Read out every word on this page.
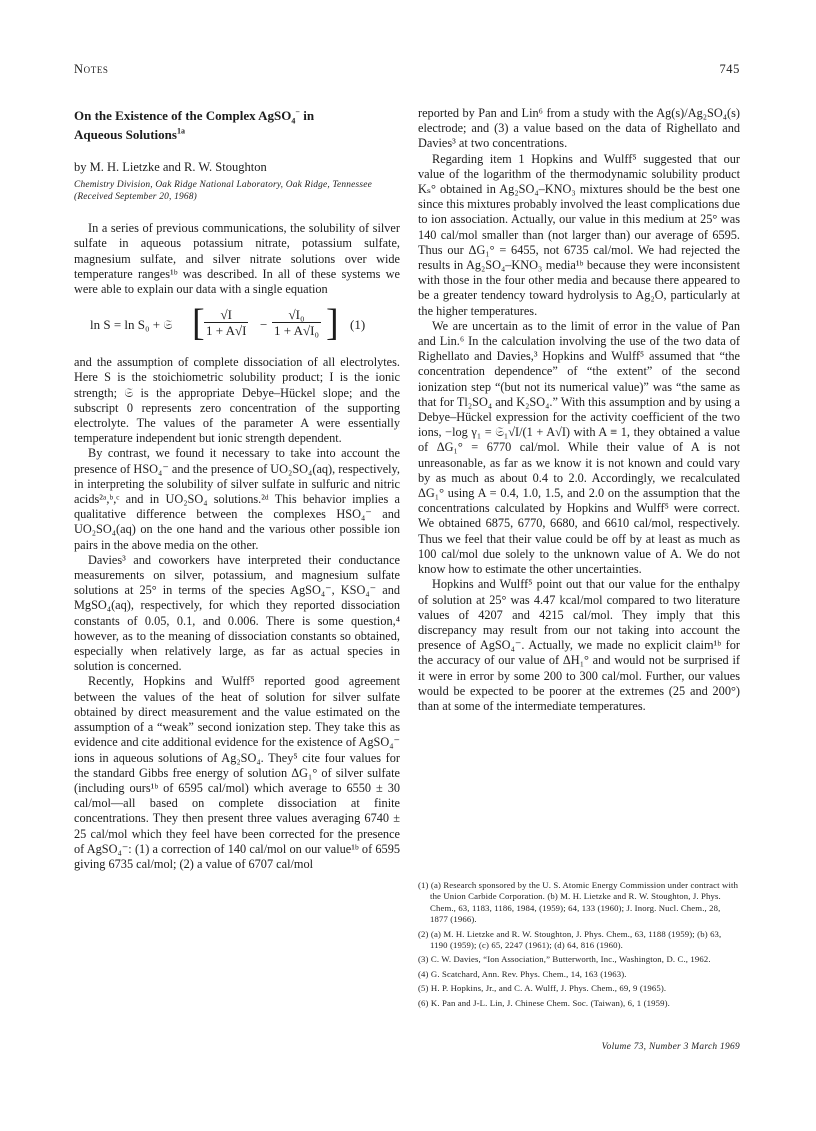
Notes	745
On the Existence of the Complex AgSO$_4$− in
Aqueous Solutions$^{1a}$
by M. H. Lietzke and R. W. Stoughton
Chemistry Division, Oak Ridge National Laboratory, Oak Ridge, Tennessee (Received September 20, 1968)

In a series of previous communications, the solubility of silver sulfate in aqueous potassium nitrate, potassium sulfate, magnesium sulfate, and silver nitrate solutions over wide temperature ranges¹ᵇ was described. In all of these systems we were able to explain our data with a single equation

ln S = ln S₀ + 𝔖 [ $\frac{√I}{1 + A√I} - \frac{\text{√I₀}}{\text{1 + A√I₀}}$ ] (1)

and the assumption of complete dissociation of all electrolytes. Here S is the stoichiometric solubility product; I is the ionic strength; 𝔖 is the appropriate Debye–Hückel slope; and the subscript 0 represents zero concentration of the supporting electrolyte. The values of the parameter A were essentially temperature independent but ionic strength dependent.

By contrast, we found it necessary to take into account the presence of HSO₄⁻ and the presence of UO₂SO₄(aq), respectively, in interpreting the solubility of silver sulfate in sulfuric and nitric acids²ᵃ,ᵇ,ᶜ and in UO₂SO₄ solutions.²ᵈ This behavior implies a qualitative difference between the complexes HSO₄⁻ and UO₂SO₄(aq) on the one hand and the various other possible ion pairs in the above media on the other.

Davies³ and coworkers have interpreted their conductance measurements on silver, potassium, and magnesium sulfate solutions at 25° in terms of the species AgSO₄⁻, KSO₄⁻ and MgSO₄(aq), respectively, for which they reported dissociation constants of 0.05, 0.1, and 0.006. There is some question,⁴ however, as to the meaning of dissociation constants so obtained, especially when relatively large, as far as actual species in solution is concerned.

Recently, Hopkins and Wulff⁵ reported good agreement between the values of the heat of solution for silver sulfate obtained by direct measurement and the value estimated on the assumption of a “weak” second ionization step. They take this as evidence and cite additional evidence for the existence of AgSO₄⁻ ions in aqueous solutions of Ag₂SO₄. They⁵ cite four values for the standard Gibbs free energy of solution ΔG₁° of silver sulfate (including ours¹ᵇ of 6595 cal/mol) which average to 6550 ± 30 cal/mol—all based on complete dissociation at finite concentrations. They then present three values averaging 6740 ± 25 cal/mol which they feel have been corrected for the presence of AgSO₄⁻: (1) a correction of 140 cal/mol on our value¹ᵇ of 6595 giving 6735 cal/mol; (2) a value of 6707 cal/mol

reported by Pan and Lin⁶ from a study with the Ag(s)/Ag₂SO₄(s) electrode; and (3) a value based on the data of Righellato and Davies³ at two concentrations.

Regarding item 1 Hopkins and Wulff⁵ suggested that our value of the logarithm of the thermodynamic solubility product Kₛ° obtained in Ag₂SO₄–KNO₃ mixtures should be the best one since this mixtures probably involved the least complications due to ion association. Actually, our value in this medium at 25° was 140 cal/mol smaller than (not larger than) our average of 6595. Thus our ΔG₁° = 6455, not 6735 cal/mol. We had rejected the results in Ag₂SO₄–KNO₃ media¹ᵇ because they were inconsistent with those in the four other media and because there appeared to be a greater tendency toward hydrolysis to Ag₂O, particularly at the higher temperatures.

We are uncertain as to the limit of error in the value of Pan and Lin.⁶ In the calculation involving the use of the two data of Righellato and Davies,³ Hopkins and Wulff⁵ assumed that “the concentration dependence” of “the extent” of the second ionization step “(but not its numerical value)” was “the same as that for Tl₂SO₄ and K₂SO₄.” With this assumption and by using a Debye–Hückel expression for the activity coefficient of the two ions, −log γ₁ = 𝔖₁√I/(1 + A√I) with A ≡ 1, they obtained a value of ΔG₁° = 6770 cal/mol. While their value of A is not unreasonable, as far as we know it is not known and could vary by as much as about 0.4 to 2.0. Accordingly, we recalculated ΔG₁° using A = 0.4, 1.0, 1.5, and 2.0 on the assumption that the concentrations calculated by Hopkins and Wulff⁵ were correct. We obtained 6875, 6770, 6680, and 6610 cal/mol, respectively. Thus we feel that their value could be off by at least as much as 100 cal/mol due solely to the unknown value of A. We do not know how to estimate the other uncertainties.

Hopkins and Wulff⁵ point out that our value for the enthalpy of solution at 25° was 4.47 kcal/mol compared to two literature values of 4207 and 4215 cal/mol. They imply that this discrepancy may result from our not taking into account the presence of AgSO₄⁻. Actually, we made no explicit claim¹ᵇ for the accuracy of our value of ΔH₁° and would not be surprised if it were in error by some 200 to 300 cal/mol. Further, our values would be expected to be poorer at the extremes (25 and 200°) than at some of the intermediate temperatures.

(1) (a) Research sponsored by the U. S. Atomic Energy Commission under contract with the Union Carbide Corporation. (b) M. H. Lietzke and R. W. Stoughton, J. Phys. Chem., 63, 1183, 1186, 1984, (1959); 64, 133 (1960); J. Inorg. Nucl. Chem., 28, 1877 (1966).
(2) (a) M. H. Lietzke and R. W. Stoughton, J. Phys. Chem., 63, 1188 (1959); (b) 63, 1190 (1959); (c) 65, 2247 (1961); (d) 64, 816 (1960).
(3) C. W. Davies, “Ion Association,” Butterworth, Inc., Washington, D. C., 1962.
(4) G. Scatchard, Ann. Rev. Phys. Chem., 14, 163 (1963).
(5) H. P. Hopkins, Jr., and C. A. Wulff, J. Phys. Chem., 69, 9 (1965).
(6) K. Pan and J-L. Lin, J. Chinese Chem. Soc. (Taiwan), 6, 1 (1959).
Volume 73, Number 3 March 1969
